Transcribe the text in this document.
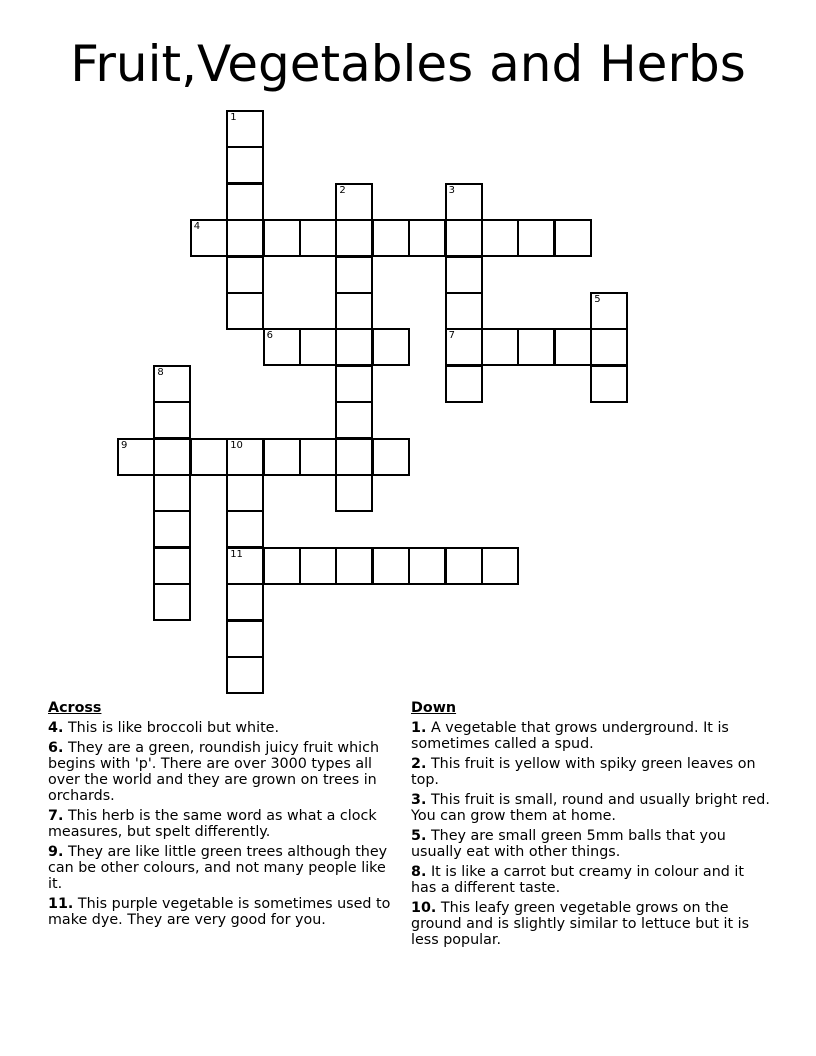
Fruit,Vegetables and Herbs
1
2	3
4
5
6	7
8
9	10
11
Across
4. This is like broccoli but white.
6. They are a green, roundish juicy fruit which begins with 'p'. There are over 3000 types all over the world and they are grown on trees in orchards.
7. This herb is the same word as what a clock measures, but spelt differently.
9. They are like little green trees although they can be other colours, and not many people like it.
11. This purple vegetable is sometimes used to make dye. They are very good for you.
Down
1. A vegetable that grows underground. It is sometimes called a spud.
2. This fruit is yellow with spiky green leaves on top.
3. This fruit is small, round and usually bright red. You can grow them at home.
5. They are small green 5mm balls that you usually eat with other things.
8. It is like a carrot but creamy in colour and it has a different taste.
10. This leafy green vegetable grows on the ground and is slightly similar to lettuce but it is less popular.
